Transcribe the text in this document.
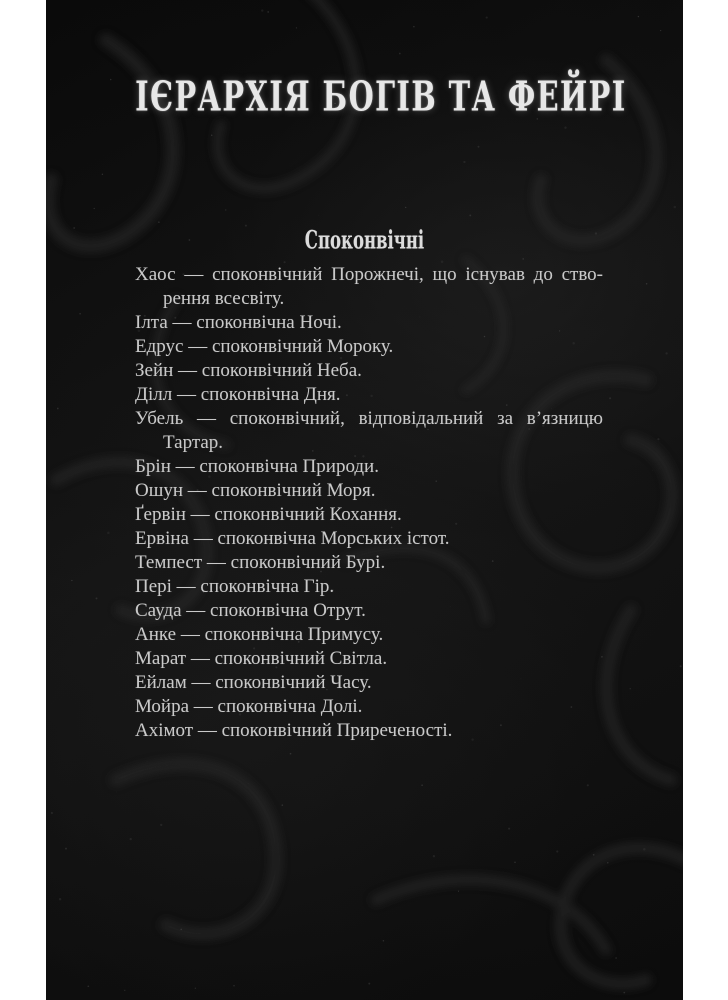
ІЄРАРХІЯ БОГІВ ТА ФЕЙРІ
Споконвічні
Хаос — споконвічний Порожнечі, що існував до ство-
рення всесвіту.
Ілта — споконвічна Ночі.
Едрус — споконвічний Мороку.
Зейн — споконвічний Неба.
Ділл — споконвічна Дня.
Убель — споконвічний, відповідальний за в’язницю
Тартар.
Брін — споконвічна Природи.
Ошун — споконвічний Моря.
Ґервін — споконвічний Кохання.
Ервіна — споконвічна Морських істот.
Темпест — споконвічний Бурі.
Пері — споконвічна Гір.
Сауда — споконвічна Отрут.
Анке — споконвічна Примусу.
Марат — споконвічний Світла.
Ейлам — споконвічний Часу.
Мойра — споконвічна Долі.
Ахімот — споконвічний Приреченості.
